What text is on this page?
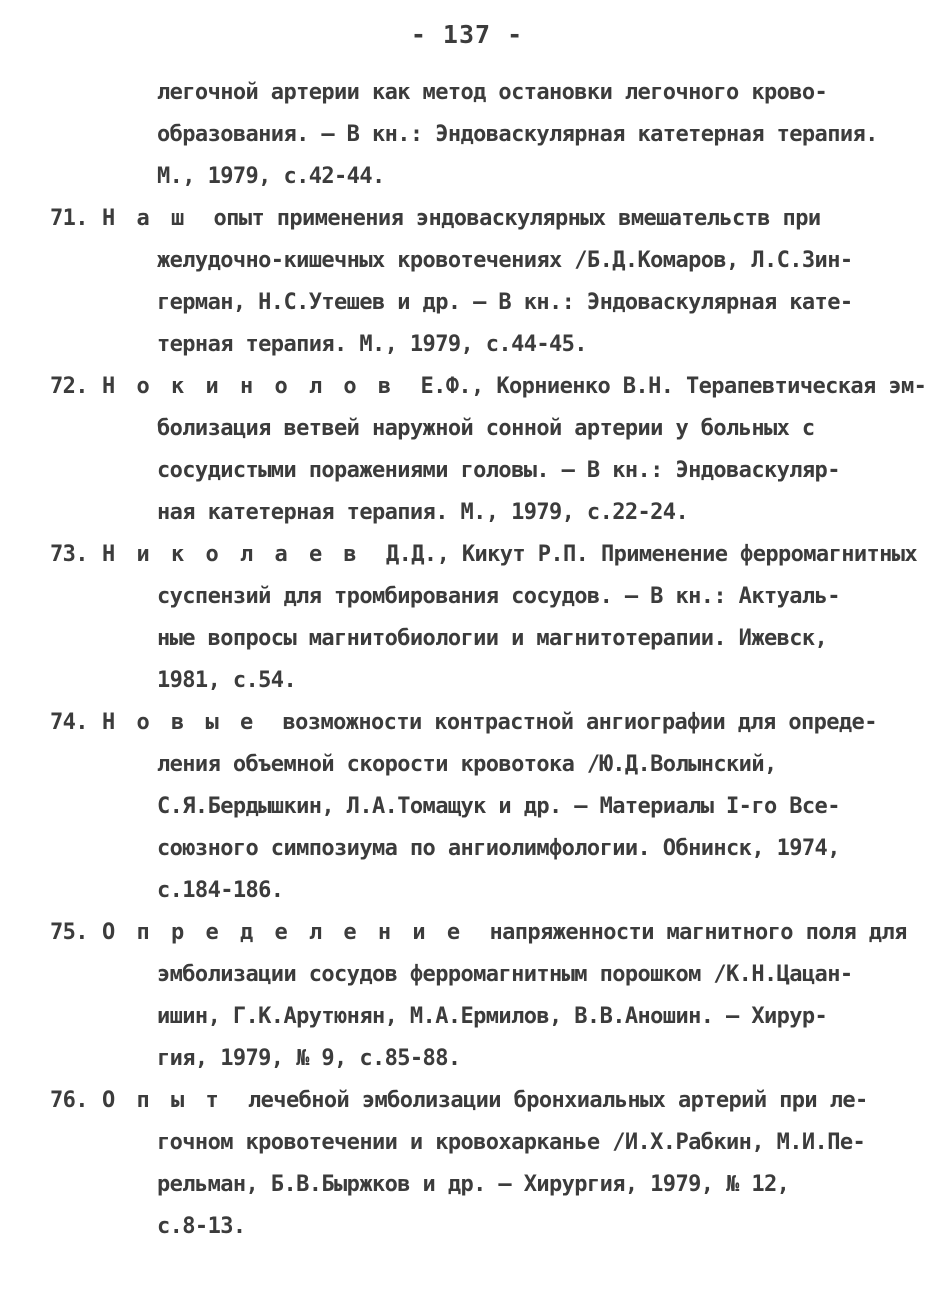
- 137 -
легочной артерии как метод остановки легочного крово-
образования. – В кн.: Эндоваскулярная катетерная терапия.
М., 1979, с.42-44.
71. Н а ш опыт применения эндоваскулярных вмешательств при
желудочно-кишечных кровотечениях /Б.Д.Комаров, Л.С.Зин-
герман, Н.С.Утешев и др. – В кн.: Эндоваскулярная кате-
терная терапия. М., 1979, с.44-45.
72. Н о к и н о л о в Е.Ф., Корниенко В.Н. Терапевтическая эм-
болизация ветвей наружной сонной артерии у больных с
сосудистыми поражениями головы. – В кн.: Эндоваскуляр-
ная катетерная терапия. М., 1979, с.22-24.
73. Н и к о л а е в Д.Д., Кикут Р.П. Применение ферромагнитных
суспензий для тромбирования сосудов. – В кн.: Актуаль-
ные вопросы магнитобиологии и магнитотерапии. Ижевск,
1981, с.54.
74. Н о в ы е возможности контрастной ангиографии для опреде-
ления объемной скорости кровотока /Ю.Д.Волынский,
С.Я.Бердышкин, Л.А.Томащук и др. – Материалы I-го Все-
союзного симпозиума по ангиолимфологии. Обнинск, 1974,
с.184-186.
75. О п р е д е л е н и е напряженности магнитного поля для
эмболизации сосудов ферромагнитным порошком /К.Н.Цацан-
ишин, Г.К.Арутюнян, М.А.Ермилов, В.В.Аношин. – Хирур-
гия, 1979, № 9, с.85-88.
76. О п ы т лечебной эмболизации бронхиальных артерий при ле-
гочном кровотечении и кровохарканье /И.Х.Рабкин, М.И.Пе-
рельман, Б.В.Быржков и др. – Хирургия, 1979, № 12,
с.8-13.
